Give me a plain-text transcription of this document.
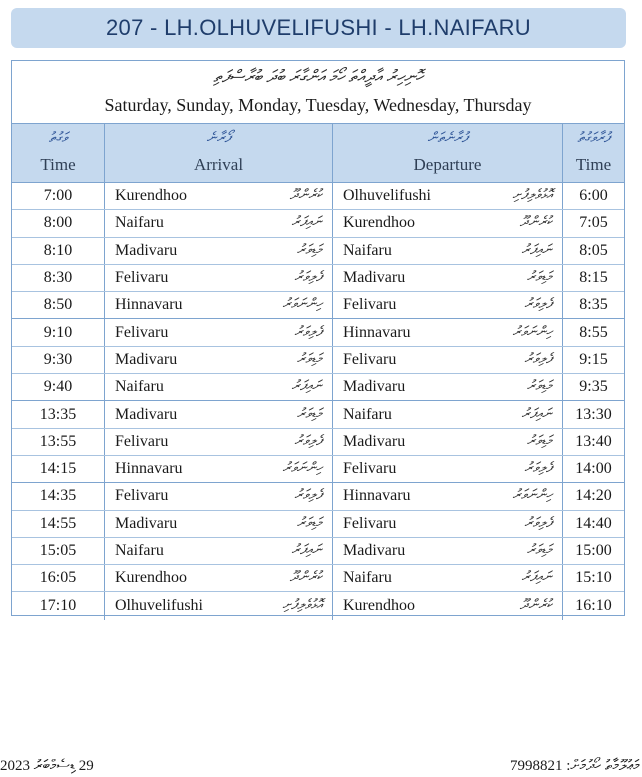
207 - LH.OLHUVELIFUSHI - LH.NAIFARU
ހޮނިހިރު އާދީއްތަ ހޯމަ އަންގާރަ ބުދަ ބުރާސްފަތި
Saturday, Sunday, Monday, Tuesday, Wednesday, Thursday
ވަގުތު
Time
ފޯރާނެ
Arrival
ފުރާނެތަން
Departure
ފުރާވަގުތު
Time
7:00	Kurendhoo	ކުރެންދޫ Olhuvelifushi	އޮޅުވެލިފުށި	6:00
8:00	Naifaru	ނައިފަރު Kurendhoo	ކުރެންދޫ	7:05
8:10	Madivaru	މަޑިވަރު Naifaru	ނައިފަރު	8:05
8:30	Felivaru	ފެލިވަރު Madivaru	މަޑިވަރު	8:15
8:50	Hinnavaru	ހިންނަވަރު Felivaru	ފެލިވަރު	8:35
9:10	Felivaru	ފެލިވަރު Hinnavaru	ހިންނަވަރު	8:55
9:30	Madivaru	މަޑިވަރު Felivaru	ފެލިވަރު	9:15
9:40	Naifaru	ނައިފަރު Madivaru	މަޑިވަރު	9:35
13:35	Madivaru	މަޑިވަރު Naifaru	ނައިފަރު	13:30
13:55	Felivaru	ފެލިވަރު Madivaru	މަޑިވަރު	13:40
14:15	Hinnavaru	ހިންނަވަރު Felivaru	ފެލިވަރު	14:00
14:35	Felivaru	ފެލިވަރު Hinnavaru	ހިންނަވަރު	14:20
14:55	Madivaru	މަޑިވަރު Felivaru	ފެލިވަރު	14:40
15:05	Naifaru	ނައިފަރު Madivaru	މަޑިވަރު	15:00
16:05	Kurendhoo	ކުރެންދޫ Naifaru	ނައިފަރު	15:10
17:10	Olhuvelifushi	އޮޅުވެލިފުށި Kurendhoo	ކުރެންދޫ	16:10
29 ޑިސެމްބަރު 2023	މަޢުލޫމާތު ހޯދުމަށް: 7998821
